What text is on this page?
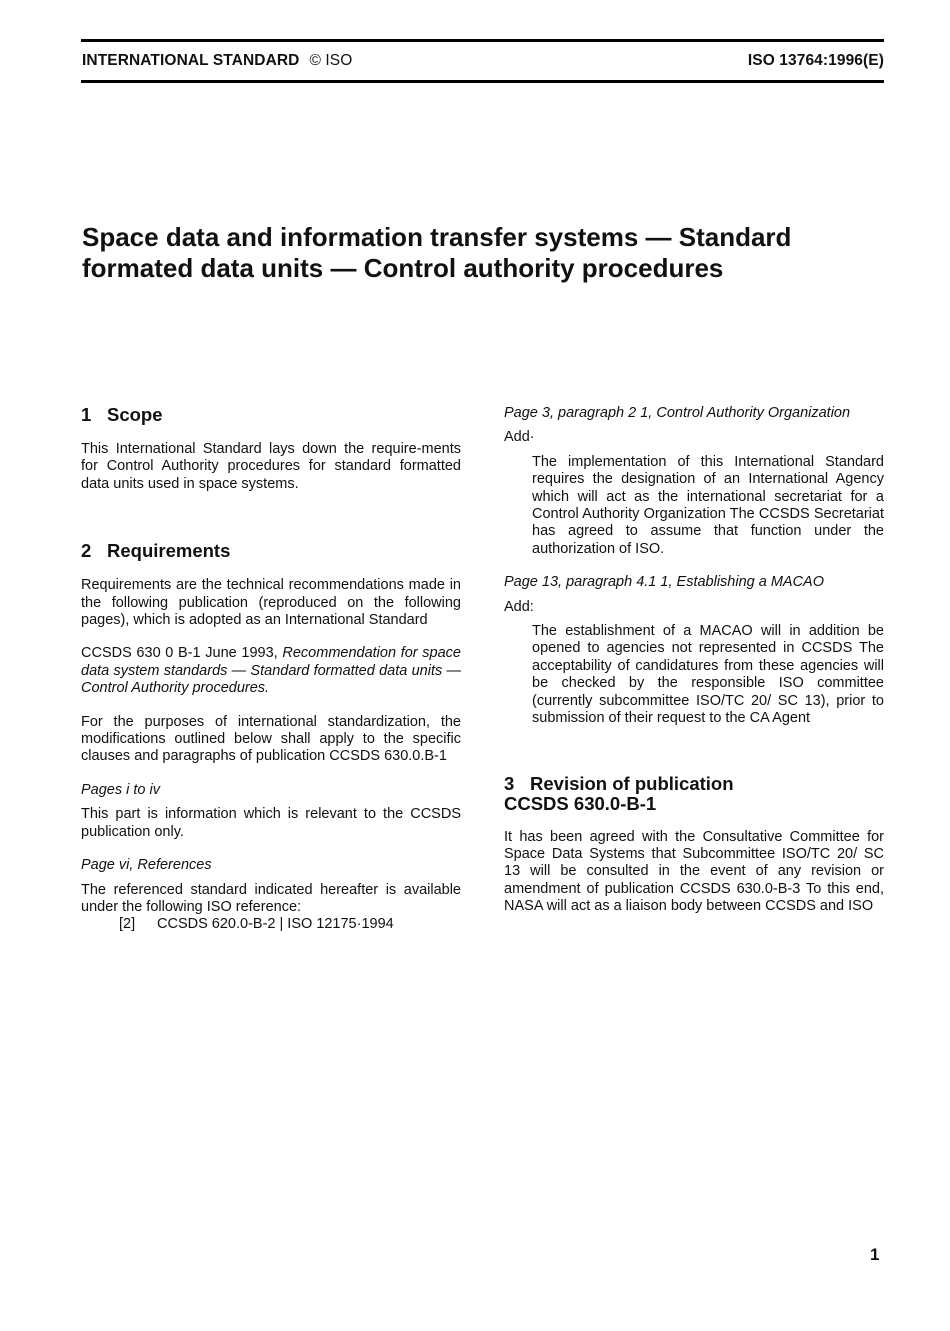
INTERNATIONAL STANDARD © ISO	ISO 13764:1996(E)
Space data and information transfer systems — Standard
formated data units — Control authority procedures
1 Scope

This International Standard lays down the require-ments for Control Authority procedures for standard formatted data units used in space systems.

2 Requirements

Requirements are the technical recommendations made in the following publication (reproduced on the following pages), which is adopted as an International Standard

CCSDS 630 0 B-1 June 1993, Recommendation for space data system standards — Standard formatted data units — Control Authority procedures.

For the purposes of international standardization, the modifications outlined below shall apply to the specific clauses and paragraphs of publication CCSDS 630.0.B-1

Pages i to iv

This part is information which is relevant to the CCSDS publication only.

Page vi, References

The referenced standard indicated hereafter is available under the following ISO reference:

[2] CCSDS 620.0-B-2 | ISO 12175·1994

Page 3, paragraph 2 1, Control Authority Organization

Add·

The implementation of this International Standard requires the designation of an International Agency which will act as the international secretariat for a Control Authority Organization The CCSDS Secretariat has agreed to assume that function under the authorization of ISO.

Page 13, paragraph 4.1 1, Establishing a MACAO

Add:

The establishment of a MACAO will in addition be opened to agencies not represented in CCSDS The acceptability of candidatures from these agencies will be checked by the responsible ISO committee (currently subcommittee ISO/TC 20/ SC 13), prior to submission of their request to the CA Agent

3 Revision of publication
CCSDS 630.0-B-1

It has been agreed with the Consultative Committee for Space Data Systems that Subcommittee ISO/TC 20/ SC 13 will be consulted in the event of any revision or amendment of publication CCSDS 630.0-B-3 To this end, NASA will act as a liaison body between CCSDS and ISO

1
